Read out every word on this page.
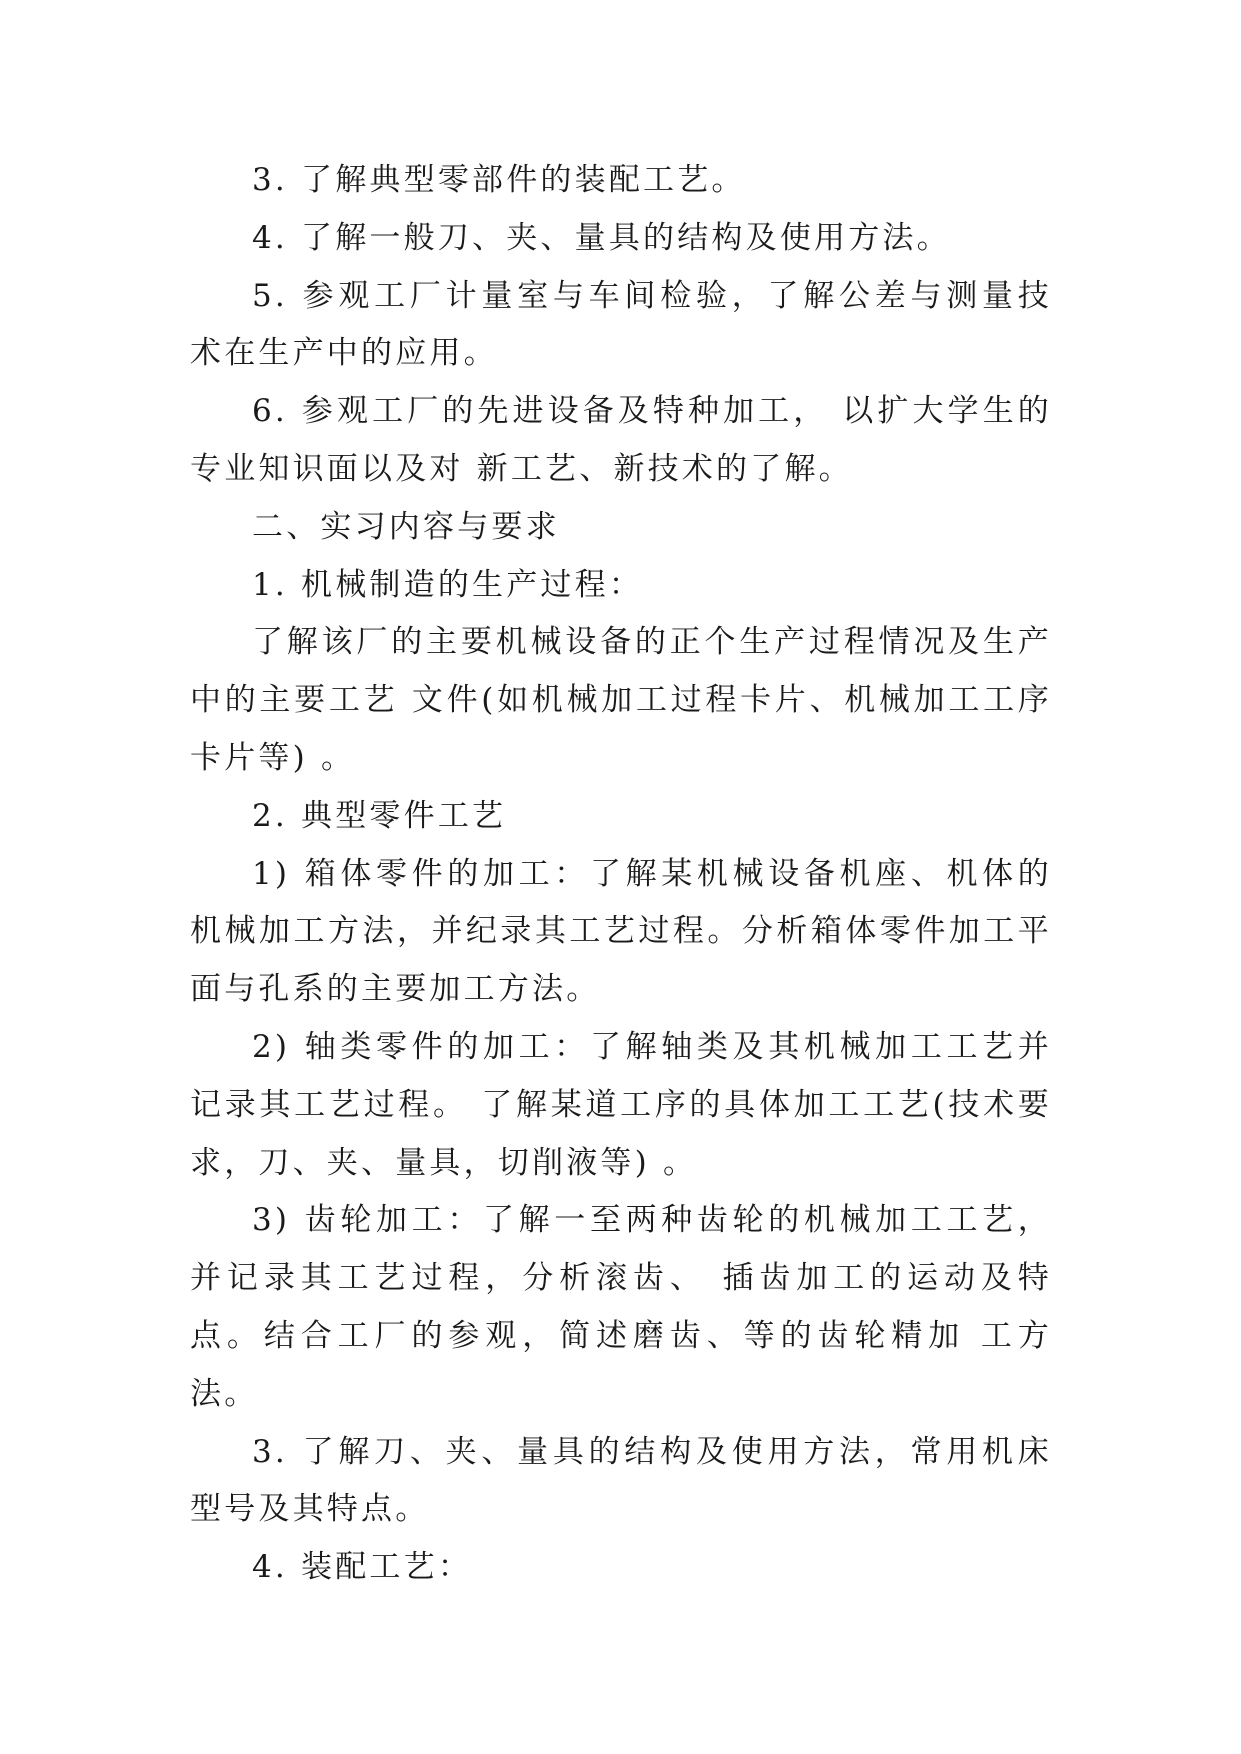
3. 了解典型零部件的装配工艺。

4. 了解一般刀、夹、量具的结构及使用方法。

5. 参观工厂计量室与车间检验，了解公差与测量技术在生产中的应用。

6. 参观工厂的先进设备及特种加工， 以扩大学生的专业知识面以及对 新工艺、新技术的了解。

二、实习内容与要求

1. 机械制造的生产过程：

了解该厂的主要机械设备的正个生产过程情况及生产中的主要工艺 文件(如机械加工过程卡片、机械加工工序卡片等) 。

2. 典型零件工艺

1) 箱体零件的加工：了解某机械设备机座、机体的机械加工方法，并纪录其工艺过程。分析箱体零件加工平面与孔系的主要加工方法。

2) 轴类零件的加工：了解轴类及其机械加工工艺并记录其工艺过程。 了解某道工序的具体加工工艺(技术要求，刀、夹、量具，切削液等) 。

3) 齿轮加工：了解一至两种齿轮的机械加工工艺，并记录其工艺过程，分析滚齿、 插齿加工的运动及特点。结合工厂的参观，简述磨齿、等的齿轮精加 工方法。

3. 了解刀、夹、量具的结构及使用方法，常用机床型号及其特点。

4. 装配工艺：
